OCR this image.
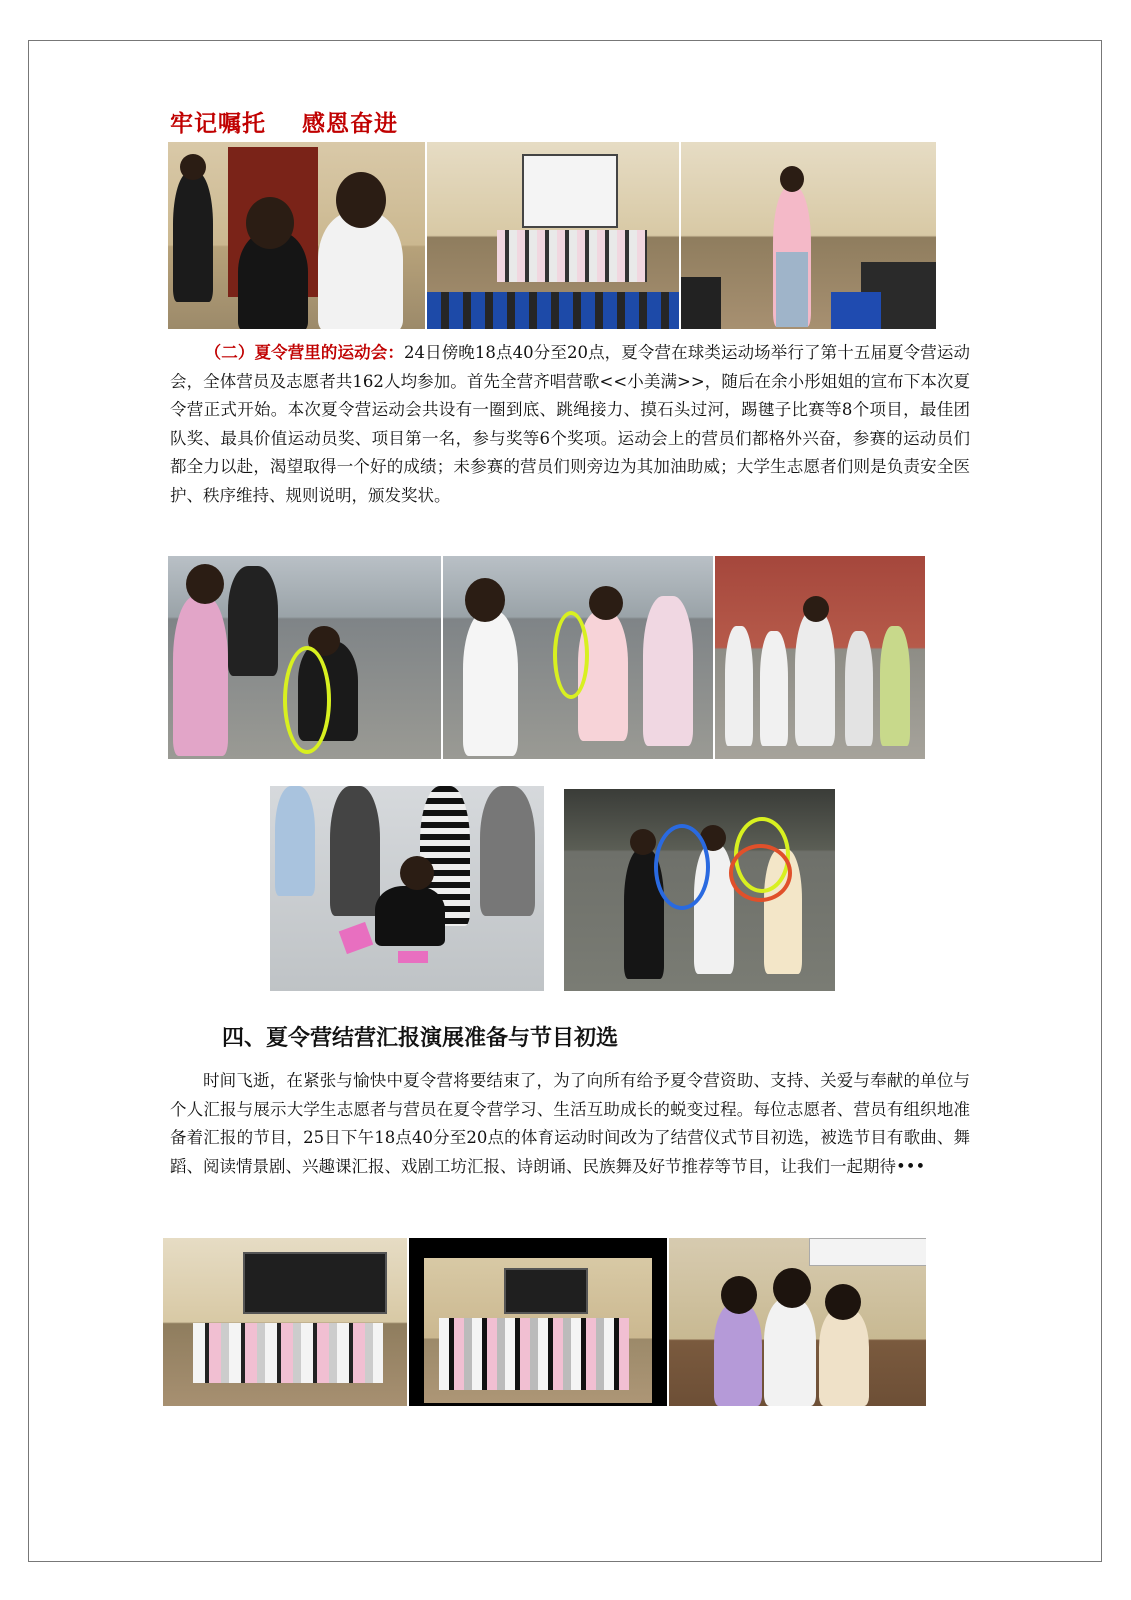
牢记嘱托    感恩奋进

（二）夏令营里的运动会：24日傍晚18点40分至20点，夏令营在球类运动场举行了第十五届夏令营运动会，全体营员及志愿者共162人均参加。首先全营齐唱营歌<<小美满>>，随后在余小彤姐姐的宣布下本次夏令营正式开始。本次夏令营运动会共设有一圈到底、跳绳接力、摸石头过河，踢毽子比赛等8个项目，最佳团队奖、最具价值运动员奖、项目第一名，参与奖等6个奖项。运动会上的营员们都格外兴奋，参赛的运动员们都全力以赴，渴望取得一个好的成绩；未参赛的营员们则旁边为其加油助威；大学生志愿者们则是负责安全医护、秩序维持、规则说明，颁发奖状。

四、夏令营结营汇报演展准备与节目初选

时间飞逝，在紧张与愉快中夏令营将要结束了，为了向所有给予夏令营资助、支持、关爱与奉献的单位与个人汇报与展示大学生志愿者与营员在夏令营学习、生活互助成长的蜕变过程。每位志愿者、营员有组织地准备着汇报的节目，25日下午18点40分至20点的体育运动时间改为了结营仪式节目初选，被选节目有歌曲、舞蹈、阅读情景剧、兴趣课汇报、戏剧工坊汇报、诗朗诵、民族舞及好节推荐等节目，让我们一起期待•••
